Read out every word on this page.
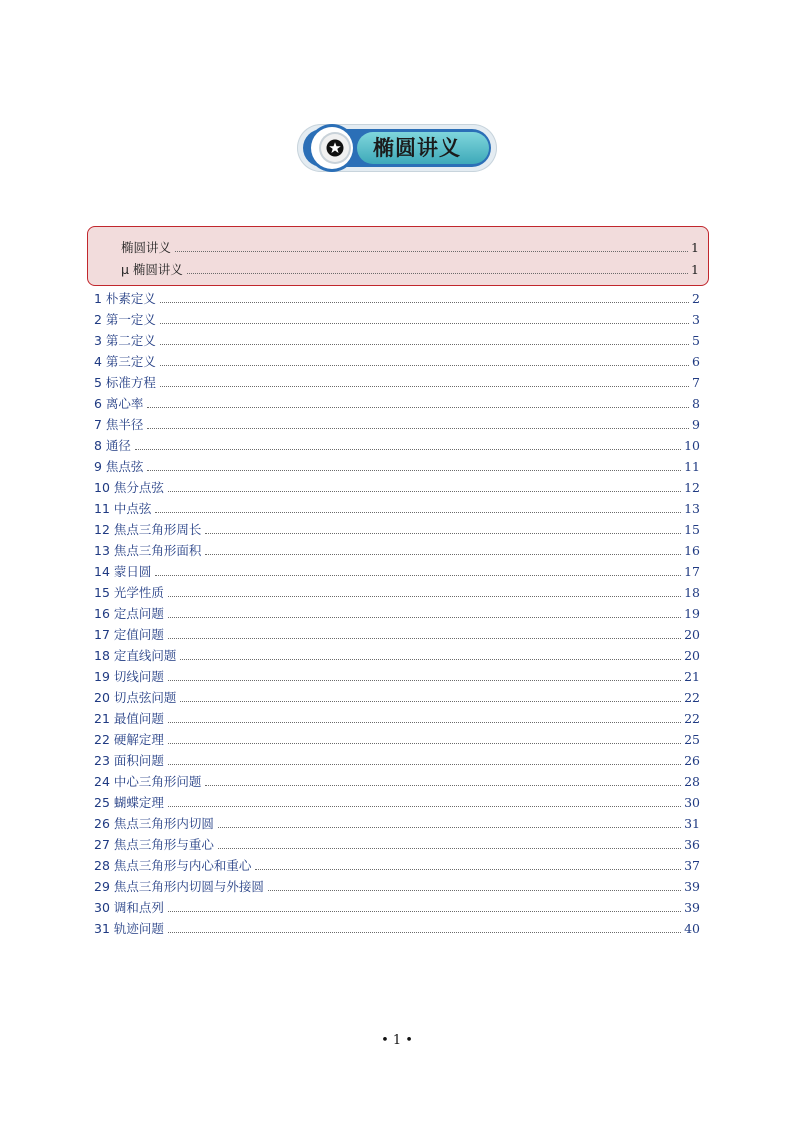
椭圆讲义
椭圆讲义	1
μ 椭圆讲义	1
1 朴素定义	2
2 第一定义	3
3 第二定义	5
4 第三定义	6
5 标准方程	7
6 离心率	8
7 焦半径	9
8 通径	10
9 焦点弦	11
10 焦分点弦	12
11 中点弦	13
12 焦点三角形周长	15
13 焦点三角形面积	16
14 蒙日圆	17
15 光学性质	18
16 定点问题	19
17 定值问题	20
18 定直线问题	20
19 切线问题	21
20 切点弦问题	22
21 最值问题	22
22 硬解定理	25
23 面积问题	26
24 中心三角形问题	28
25 蝴蝶定理	30
26 焦点三角形内切圆	31
27 焦点三角形与重心	36
28 焦点三角形与内心和重心	37
29 焦点三角形内切圆与外接圆	39
30 调和点列	39
31 轨迹问题	40
• 1 •
